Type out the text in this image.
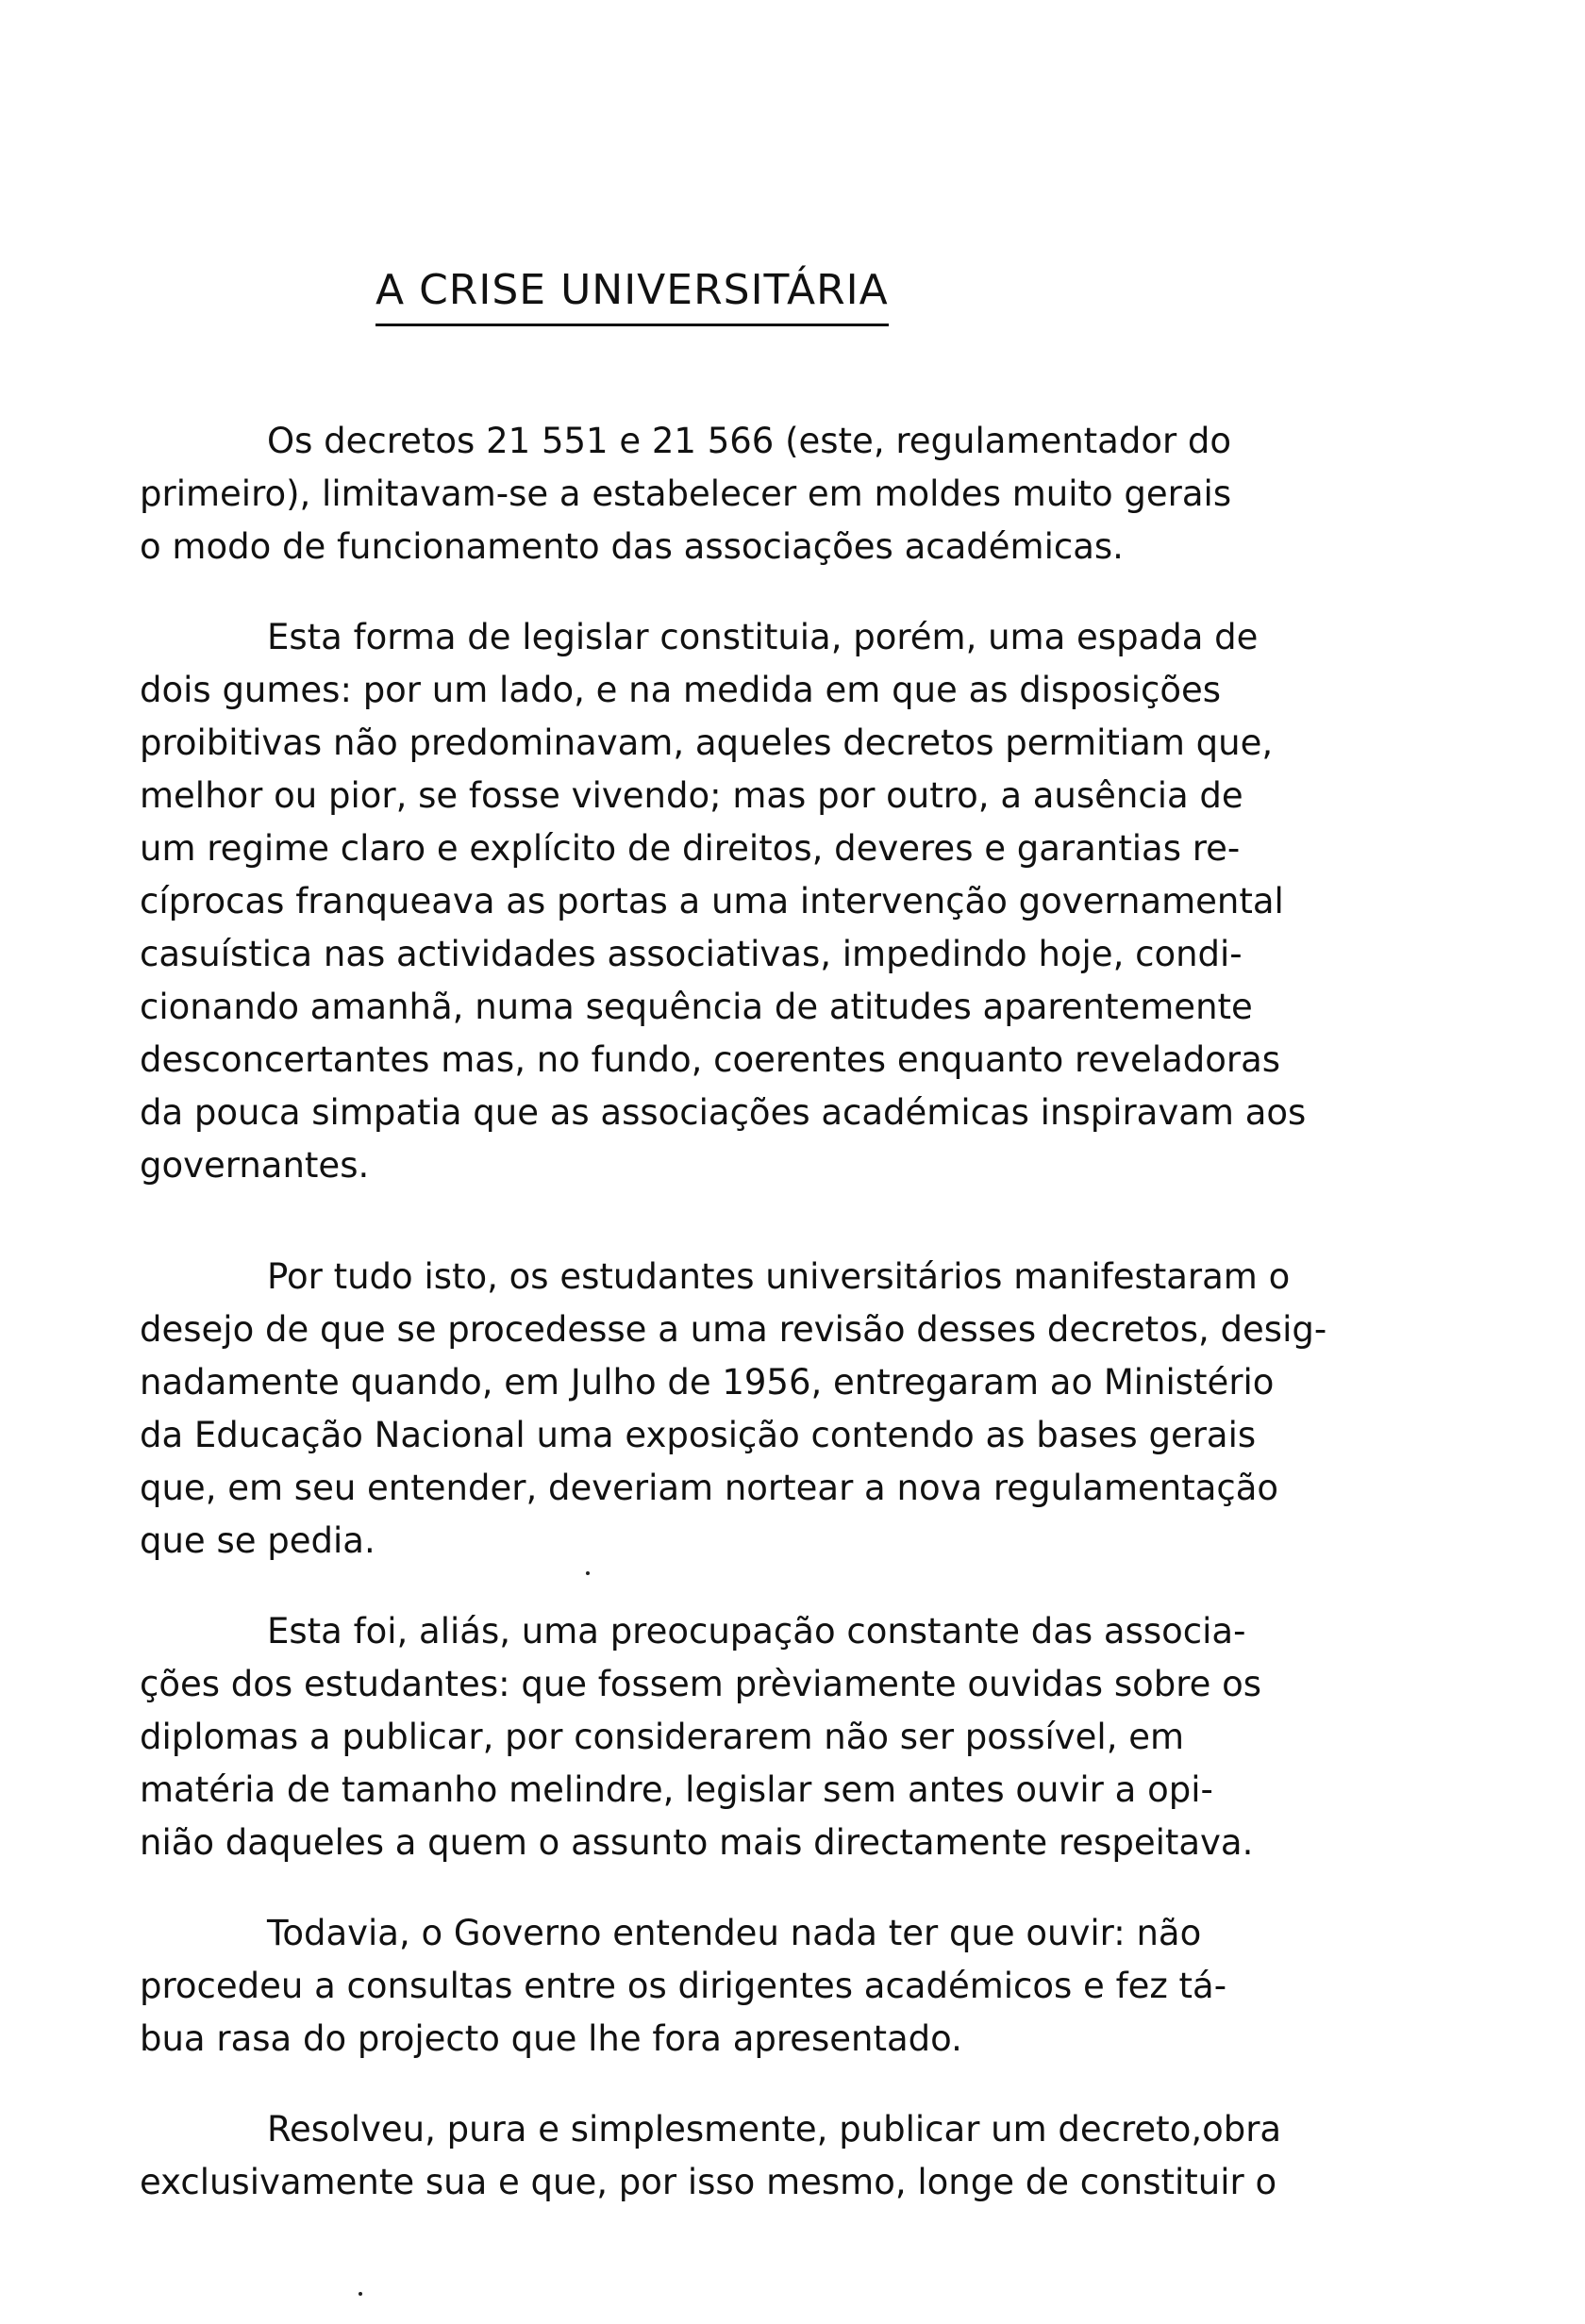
A CRISE UNIVERSITÁRIA
Os decretos 21 551 e 21 566 (este, regulamentador do
primeiro), limitavam-se a estabelecer em moldes muito gerais
o modo de funcionamento das associações académicas.
Esta forma de legislar constituia, porém, uma espada de
dois gumes: por um lado, e na medida em que as disposições
proibitivas não predominavam, aqueles decretos permitiam que,
melhor ou pior, se fosse vivendo; mas por outro, a ausência de
um regime claro e explícito de direitos, deveres e garantias re-
cíprocas franqueava as portas a uma intervenção governamental
casuística nas actividades associativas, impedindo hoje, condi-
cionando amanhã, numa sequência de atitudes aparentemente
desconcertantes mas, no fundo, coerentes enquanto reveladoras
da pouca simpatia que as associações académicas inspiravam aos
governantes.
Por tudo isto, os estudantes universitários manifestaram o
desejo de que se procedesse a uma revisão desses decretos, desig-
nadamente quando, em Julho de 1956, entregaram ao Ministério
da Educação Nacional uma exposição contendo as bases gerais
que, em seu entender, deveriam nortear a nova regulamentação
que se pedia.
Esta foi, aliás, uma preocupação constante das associa-
ções dos estudantes: que fossem prèviamente ouvidas sobre os
diplomas a publicar, por considerarem não ser possível, em
matéria de tamanho melindre, legislar sem antes ouvir a opi-
nião daqueles a quem o assunto mais directamente respeitava.
Todavia, o Governo entendeu nada ter que ouvir: não
procedeu a consultas entre os dirigentes académicos e fez tá-
bua rasa do projecto que lhe fora apresentado.
Resolveu, pura e simplesmente, publicar um decreto,obra
exclusivamente sua e que, por isso mesmo, longe de constituir o
